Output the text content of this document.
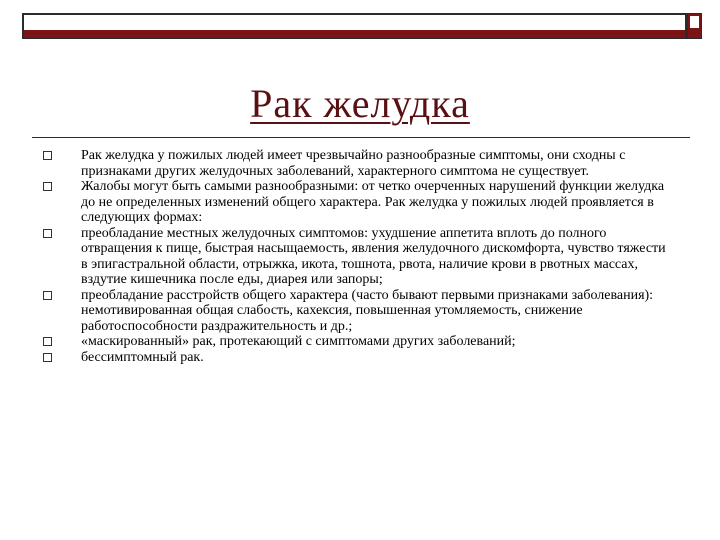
Рак желудка
Рак желудка у пожилых людей имеет чрезвычайно разнообразные симптомы, они сходны с признаками других желудочных заболеваний, характерного симптома не существует.
Жалобы могут быть самыми разнообразными: от четко очерченных нарушений функции желудка до не определенных изменений общего характера. Рак желудка у пожилых людей проявляется в следующих формах:
преобладание местных желудочных симптомов: ухудшение аппетита вплоть до полного отвращения к пище, быстрая насыщаемость, явления желудочного дискомфорта, чувство тяжести в эпигастральной области, отрыжка, икота, тошнота, рвота, наличие крови в рвотных массах, вздутие кишечника после еды, диарея или запоры;
преобладание расстройств общего характера (часто бывают первыми признаками заболевания): немотивированная общая слабость, кахексия, повышенная утомляемость, снижение работоспособности раздражительность и др.;
«маскированный» рак, протекающий с симптомами других заболеваний;
бессимптомный рак.
